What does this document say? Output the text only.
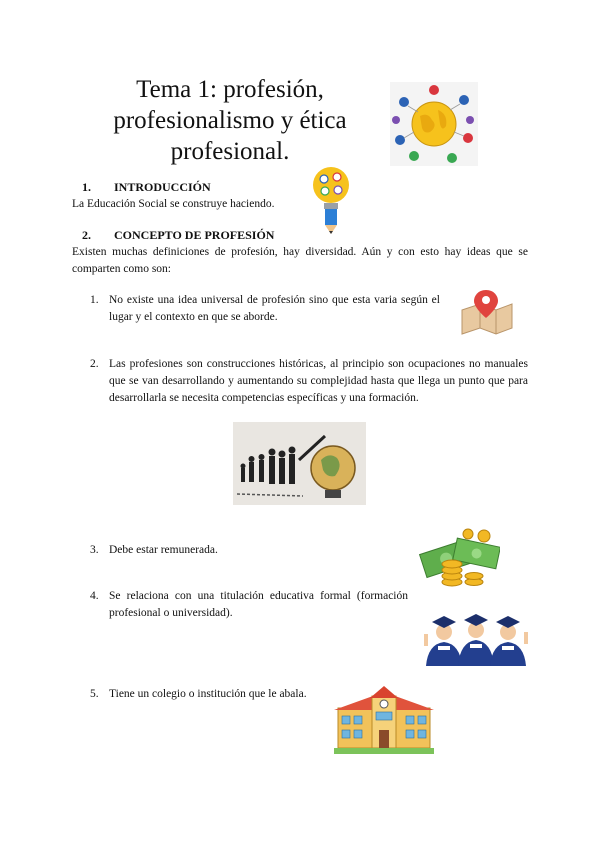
Tema 1: profesión,
profesionalismo y ética
profesional.
1. INTRODUCCIÓN
La Educación Social se construye haciendo.
2. CONCEPTO DE PROFESIÓN
Existen muchas definiciones de profesión, hay diversidad. Aún y con esto hay ideas que se comparten como son:
1. No existe una idea universal de profesión sino que esta varia según el lugar y el contexto en que se aborde.
2. Las profesiones son construcciones históricas, al principio son ocupaciones no manuales que se van desarrollando y aumentando su complejidad hasta que llega un punto que para desarrollarla se necesita competencias específicas y una formación.
3. Debe estar remunerada.
4. Se relaciona con una titulación educativa formal (formación profesional o universidad).
5. Tiene un colegio o institución que le abala.
